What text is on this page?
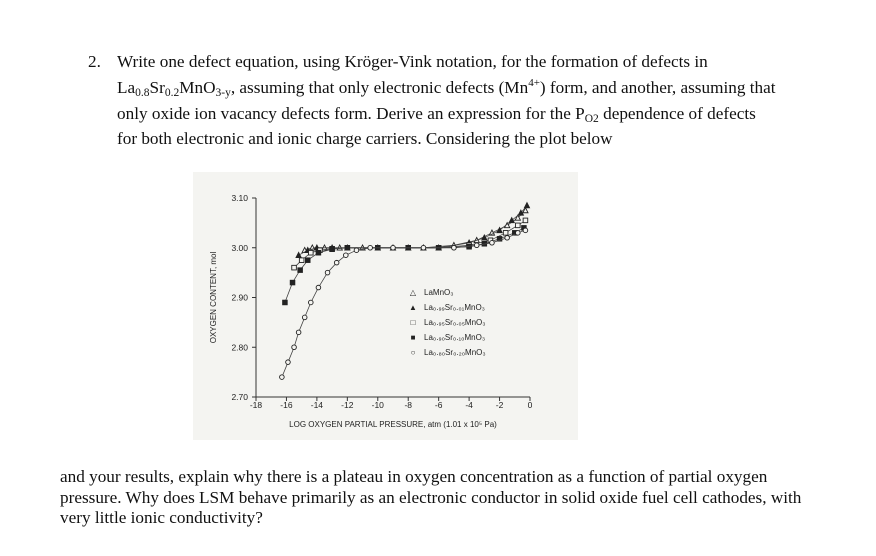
2. Write one defect equation, using Kröger-Vink notation, for the formation of defects in $La_{0.8}Sr_{0.2}MnO_{3-y}$, assuming that only electronic defects $(Mn^{4+})$ form, and another, assuming that only oxide ion vacancy defects form. Derive an expression for the $P_{O2}$ dependence of defects for both electronic and ionic charge carriers. Considering the plot below
3.10
3.00
2.90
2.80
2.70
-18 -16 -14 -12 -10 -8	-6	-4	-2	0
LOG OXYGEN PARTIAL PRESSURE, atm (1.01 x 10⁵ Pa)
OXYGEN CONTENT, mol	△ LaMnO₃
▲ La₀.₉₉Sr₀.₀₁MnO₃
□ La₀.₉₅Sr₀.₀₅MnO₃
■ La₀.₉₀Sr₀.₁₀MnO₃
○ La₀.₈₀Sr₀.₂₀MnO₃
and your results, explain why there is a plateau in oxygen concentration as a function of partial oxygen pressure. Why does LSM behave primarily as an electronic conductor in solid oxide fuel cell cathodes, with very little ionic conductivity?
